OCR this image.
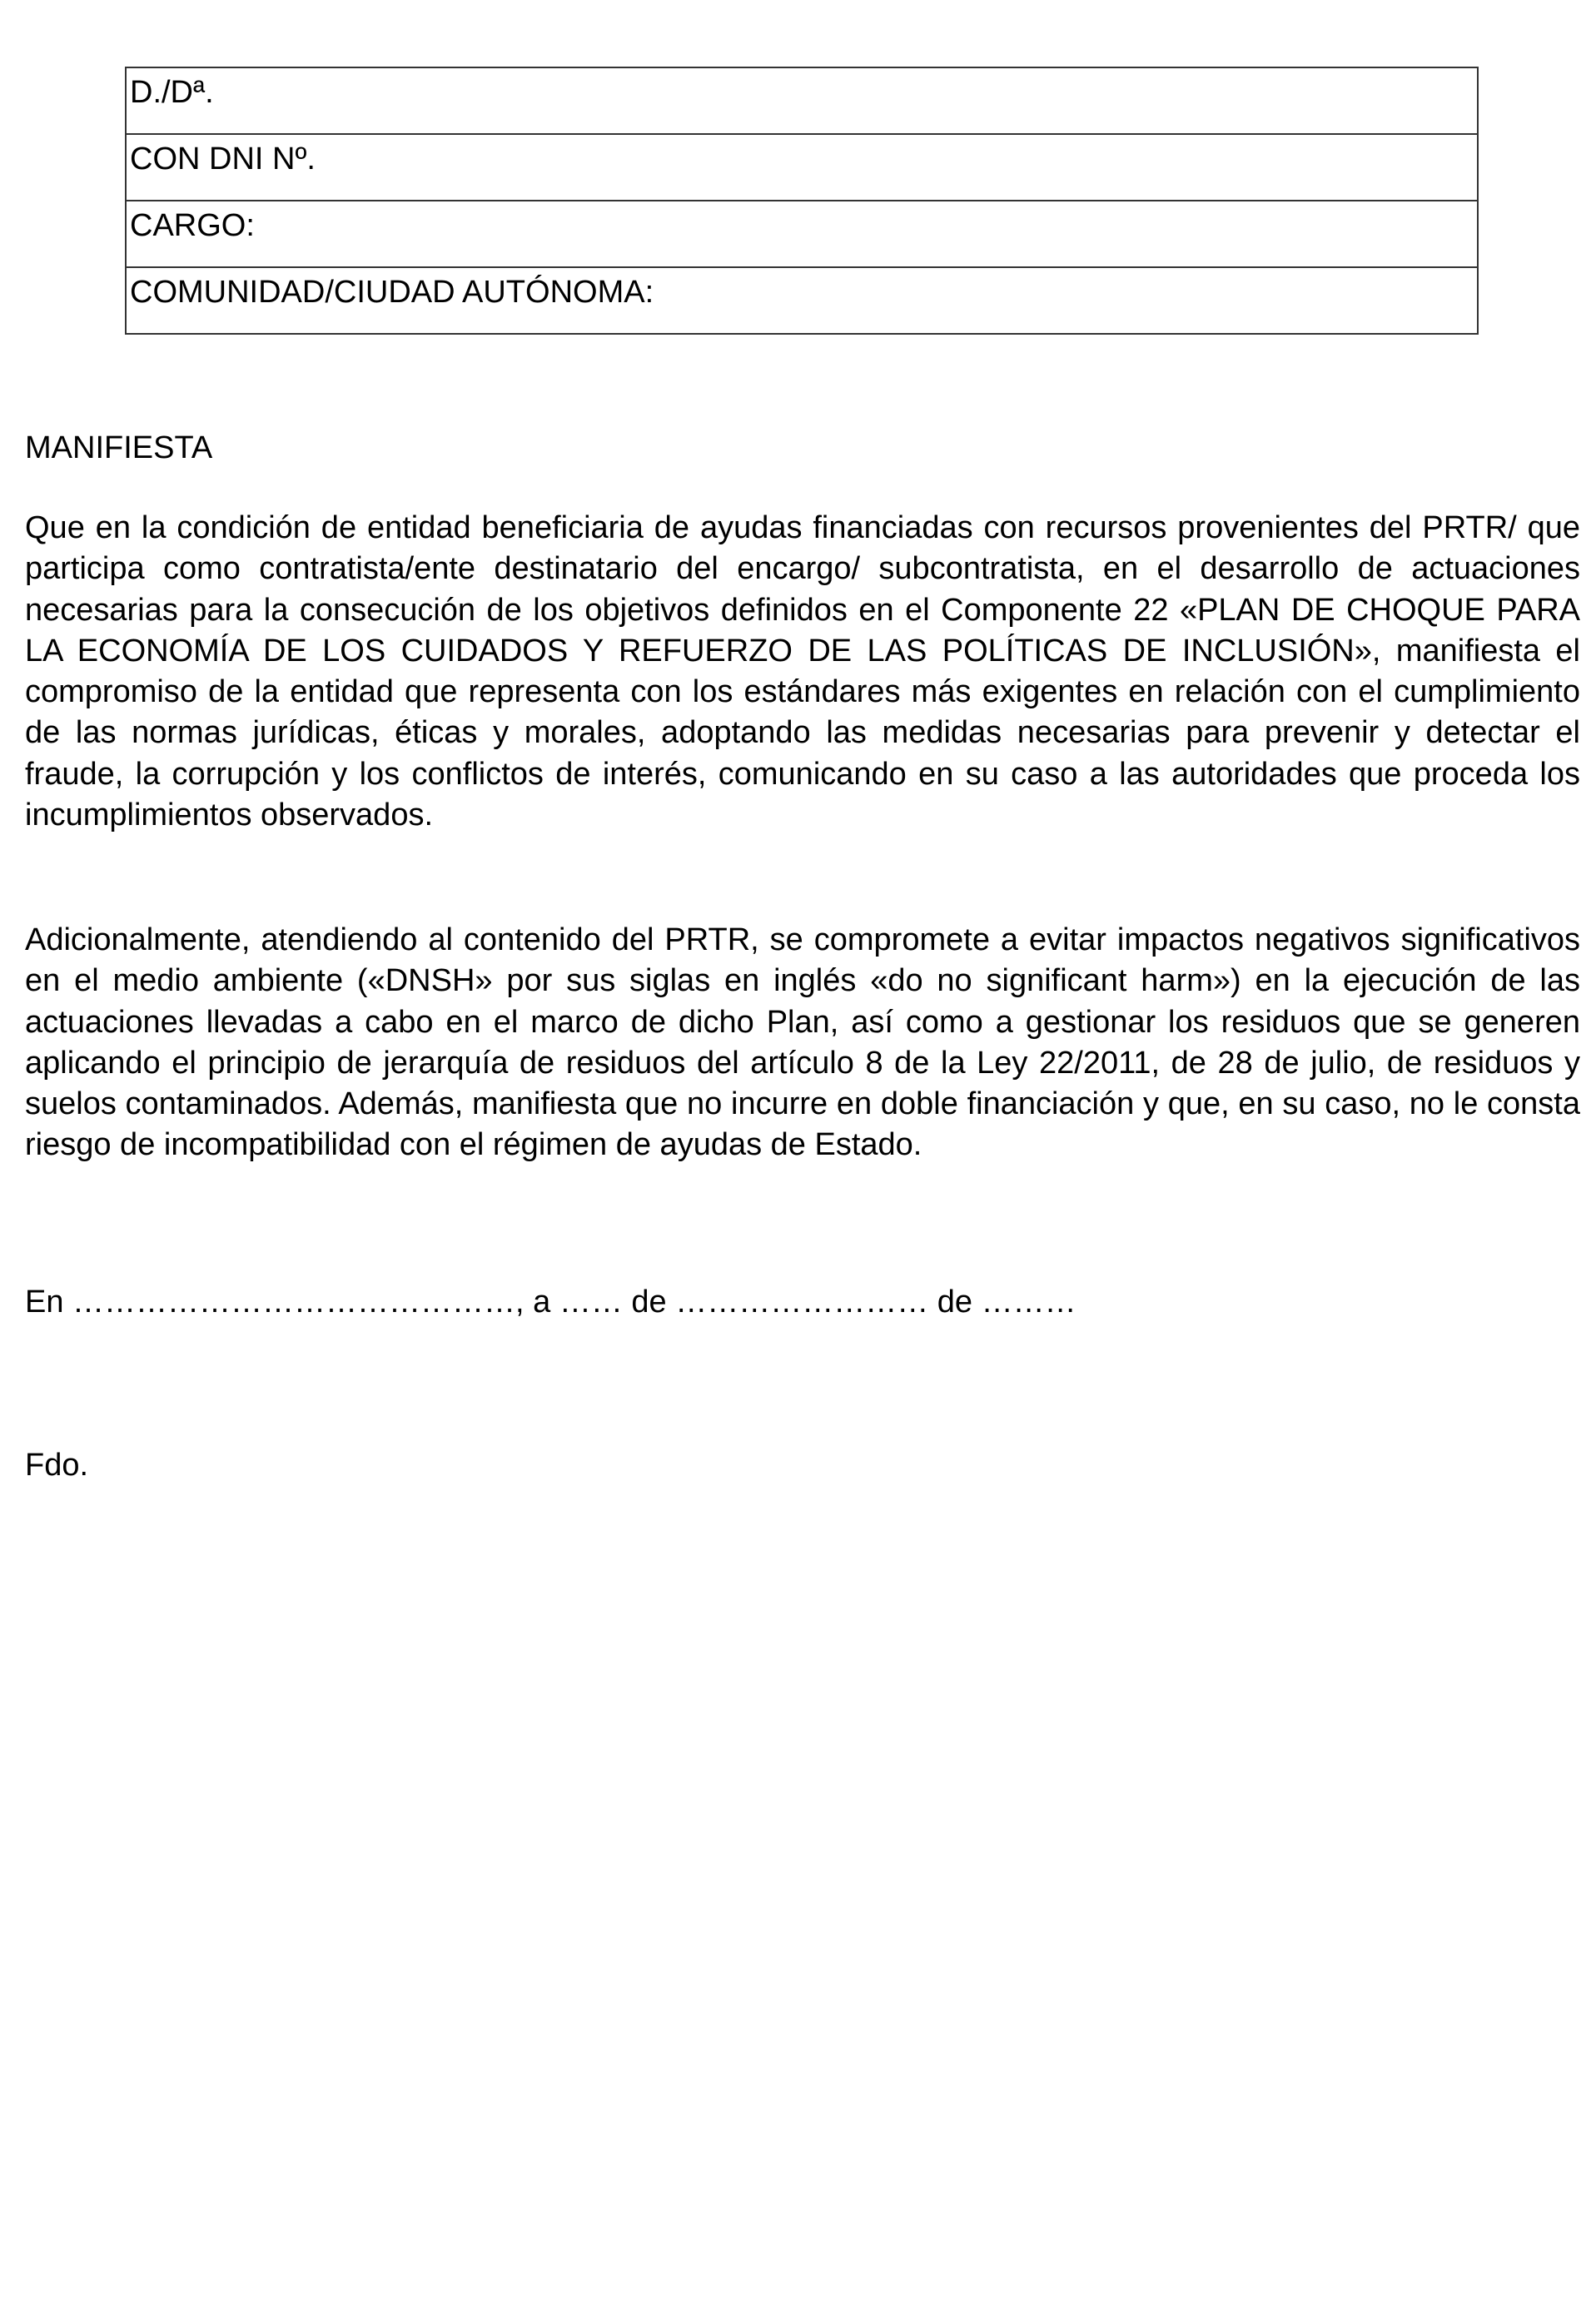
D./Dª.
CON DNI Nº.
CARGO:
COMUNIDAD/CIUDAD AUTÓNOMA:

MANIFIESTA

Que en la condición de entidad beneficiaria de ayudas financiadas con recursos provenientes del PRTR/ que participa como contratista/ente destinatario del encargo/ subcontratista, en el desarrollo de actuaciones necesarias para la consecución de los objetivos definidos en el Componente 22 «PLAN DE CHOQUE PARA LA ECONOMÍA DE LOS CUIDADOS Y REFUERZO DE LAS POLÍTICAS DE INCLUSIÓN», manifiesta el compromiso de la entidad que representa con los estándares más exigentes en relación con el cumplimiento de las normas jurídicas, éticas y morales, adoptando las medidas necesarias para prevenir y detectar el fraude, la corrupción y los conflictos de interés, comunicando en su caso a las autoridades que proceda los incumplimientos observados.

Adicionalmente, atendiendo al contenido del PRTR, se compromete a evitar impactos negativos significativos en el medio ambiente («DNSH» por sus siglas en inglés «do no significant harm») en la ejecución de las actuaciones llevadas a cabo en el marco de dicho Plan, así como a gestionar los residuos que se generen aplicando el principio de jerarquía de residuos del artículo 8 de la Ley 22/2011, de 28 de julio, de residuos y suelos contaminados. Además, manifiesta que no incurre en doble financiación y que, en su caso, no le consta riesgo de incompatibilidad con el régimen de ayudas de Estado.

En ……………………………………, a …… de …………………… de ………

Fdo.
